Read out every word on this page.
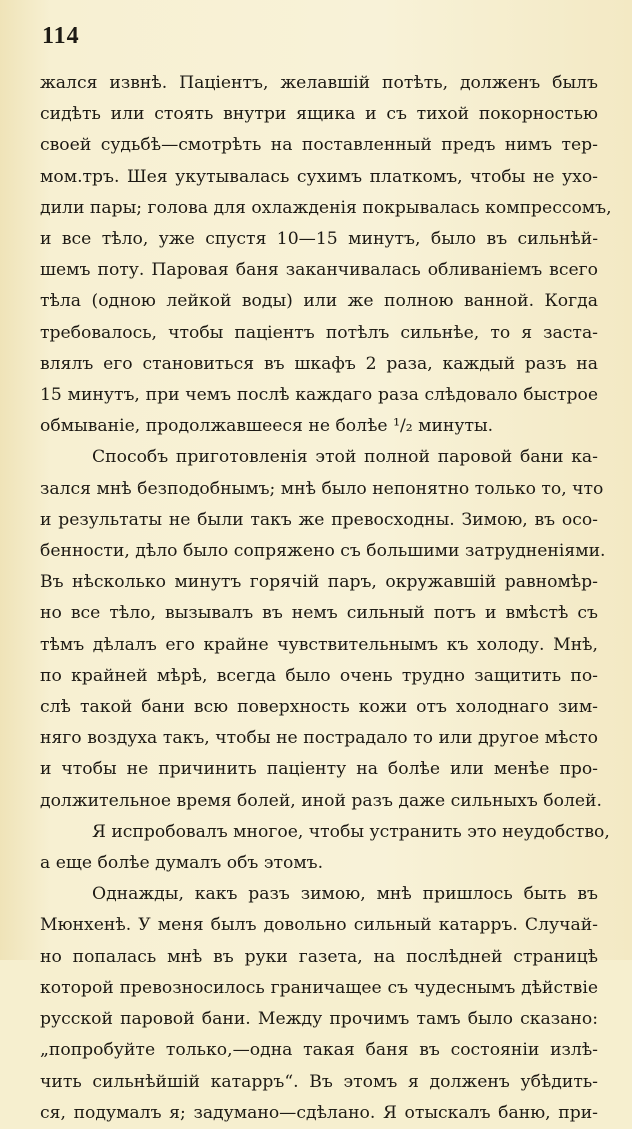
114
жался извнѣ. Паціентъ, желавшій потѣть, долженъ былъ
сидѣть или стоять внутри ящика и съ тихой покорностью
своей судьбѣ—смотрѣть на поставленный предъ нимъ тер-
мом.тръ. Шея укутывалась сухимъ платкомъ, чтобы не ухо-
дили пары; голова для охлажденія покрывалась компрессомъ,
и все тѣло, уже спустя 10—15 минутъ, было въ сильнѣй-
шемъ поту. Паровая баня заканчивалась обливаніемъ всего
тѣла (одною лейкой воды) или же полною ванной. Когда
требовалось, чтобы паціентъ потѣлъ сильнѣе, то я заста-
влялъ его становиться въ шкафъ 2 раза, каждый разъ на
15 минутъ, при чемъ послѣ каждаго раза слѣдовало быстрое
обмываніе, продолжавшееся не болѣе ¹/₂ минуты.
Способъ приготовленія этой полной паровой бани ка-
зался мнѣ безподобнымъ; мнѣ было непонятно только то, что
и результаты не были такъ же превосходны. Зимою, въ осо-
бенности, дѣло было сопряжено съ большими затрудненіями.
Въ нѣсколько минутъ горячій паръ, окружавшій равномѣр-
но все тѣло, вызывалъ въ немъ сильный потъ и вмѣстѣ съ
тѣмъ дѣлалъ его крайне чувствительнымъ къ холоду. Мнѣ,
по крайней мѣрѣ, всегда было очень трудно защитить по-
слѣ такой бани всю поверхность кожи отъ холоднаго зим-
няго воздуха такъ, чтобы не пострадало то или другое мѣсто
и чтобы не причинить паціенту на болѣе или менѣе про-
должительное время болей, иной разъ даже сильныхъ болей.
Я испробовалъ многое, чтобы устранить это неудобство,
а еще болѣе думалъ объ этомъ.
Однажды, какъ разъ зимою, мнѣ пришлось быть въ
Мюнхенѣ. У меня былъ довольно сильный катарръ. Случай-
но попалась мнѣ въ руки газета, на послѣдней страницѣ
которой превозносилось граничащее съ чудеснымъ дѣйствіе
русской паровой бани. Между прочимъ тамъ было сказано:
„попробуйте только,—одна такая баня въ состояніи излѣ-
чить сильнѣйшій катарръ“. Въ этомъ я долженъ убѣдить-
ся, подумалъ я; задумано—сдѣлано. Я отыскалъ баню, при-
